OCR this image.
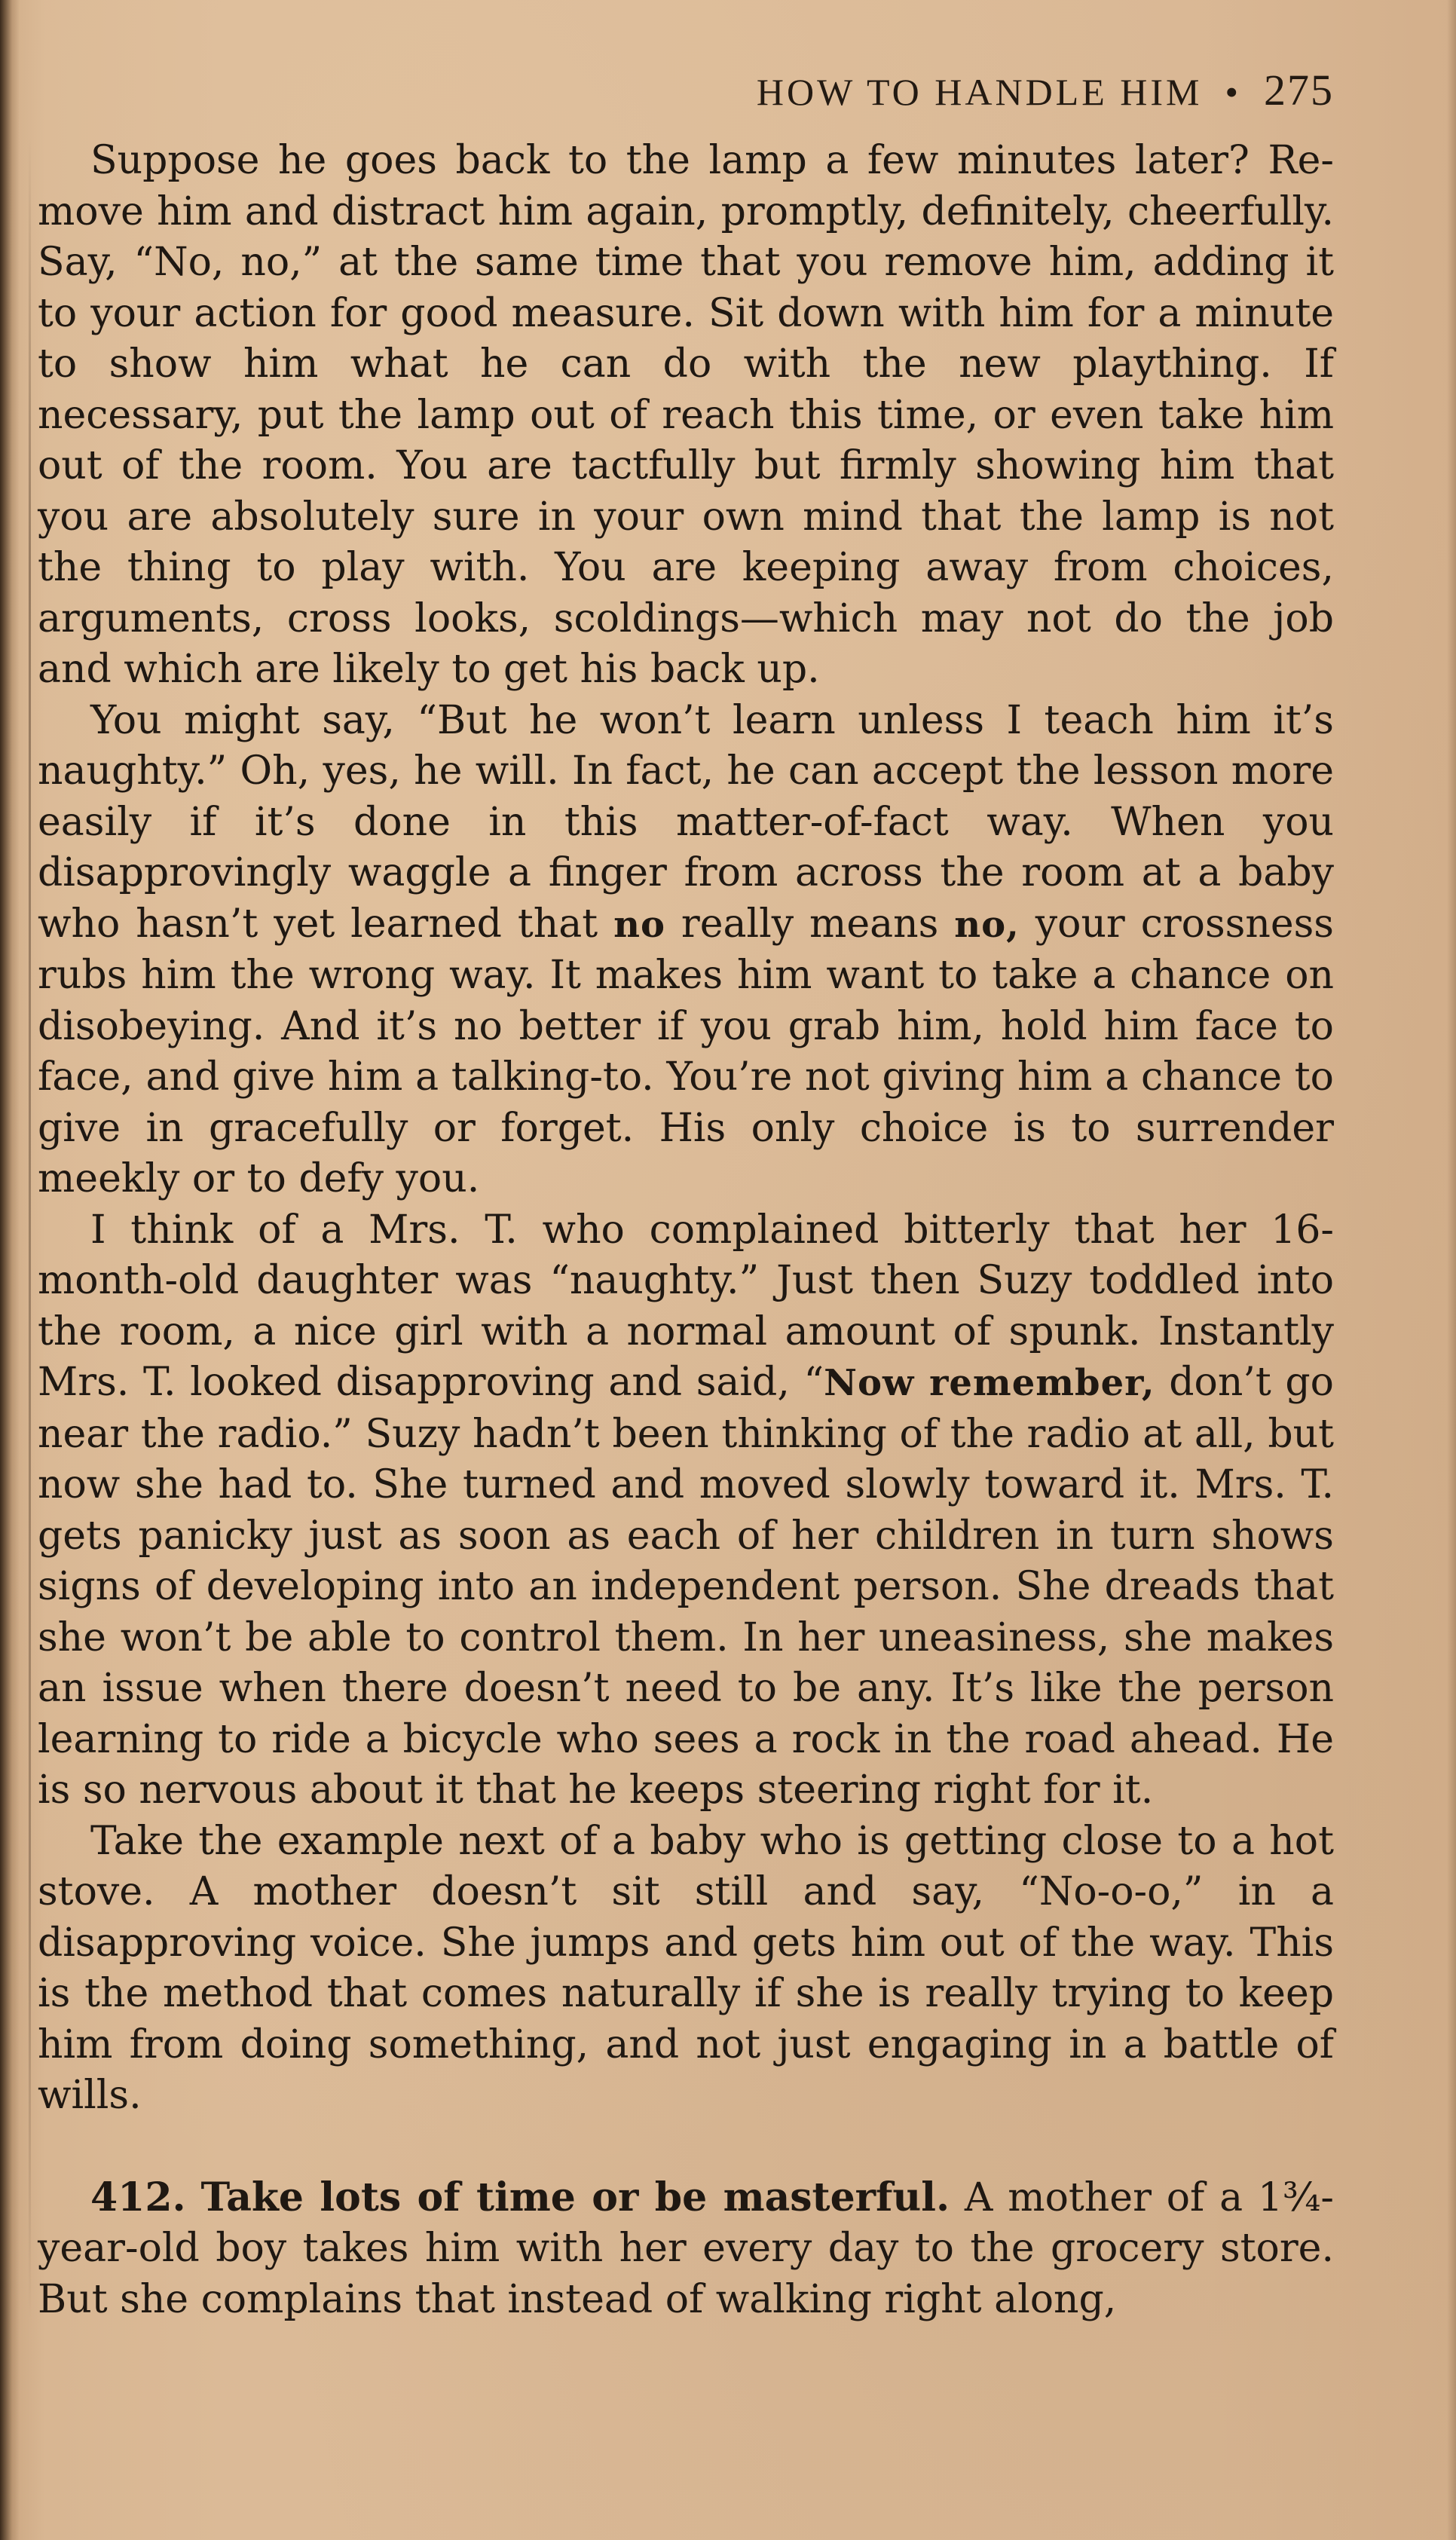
HOW TO HANDLE HIM • 275

Suppose he goes back to the lamp a few minutes later? Remove him and distract him again, promptly, definitely, cheerfully. Say, “No, no,” at the same time that you remove him, adding it to your action for good measure. Sit down with him for a minute to show him what he can do with the new plaything. If necessary, put the lamp out of reach this time, or even take him out of the room. You are tactfully but firmly showing him that you are absolutely sure in your own mind that the lamp is not the thing to play with. You are keeping away from choices, arguments, cross looks, scoldings—which may not do the job and which are likely to get his back up.

You might say, “But he won’t learn unless I teach him it’s naughty.” Oh, yes, he will. In fact, he can accept the lesson more easily if it’s done in this matter-of-fact way. When you disapprovingly waggle a finger from across the room at a baby who hasn’t yet learned that no really means no, your crossness rubs him the wrong way. It makes him want to take a chance on disobeying. And it’s no better if you grab him, hold him face to face, and give him a talking-to. You’re not giving him a chance to give in gracefully or forget. His only choice is to surrender meekly or to defy you.

I think of a Mrs. T. who complained bitterly that her 16-month-old daughter was “naughty.” Just then Suzy toddled into the room, a nice girl with a normal amount of spunk. Instantly Mrs. T. looked disapproving and said, “Now remember, don’t go near the radio.” Suzy hadn’t been thinking of the radio at all, but now she had to. She turned and moved slowly toward it. Mrs. T. gets panicky just as soon as each of her children in turn shows signs of developing into an independent person. She dreads that she won’t be able to control them. In her uneasiness, she makes an issue when there doesn’t need to be any. It’s like the person learning to ride a bicycle who sees a rock in the road ahead. He is so nervous about it that he keeps steering right for it.

Take the example next of a baby who is getting close to a hot stove. A mother doesn’t sit still and say, “No-o-o,” in a disapproving voice. She jumps and gets him out of the way. This is the method that comes naturally if she is really trying to keep him from doing something, and not just engaging in a battle of wills.

412. Take lots of time or be masterful. A mother of a 1¾-year-old boy takes him with her every day to the grocery store. But she complains that instead of walking right along,
